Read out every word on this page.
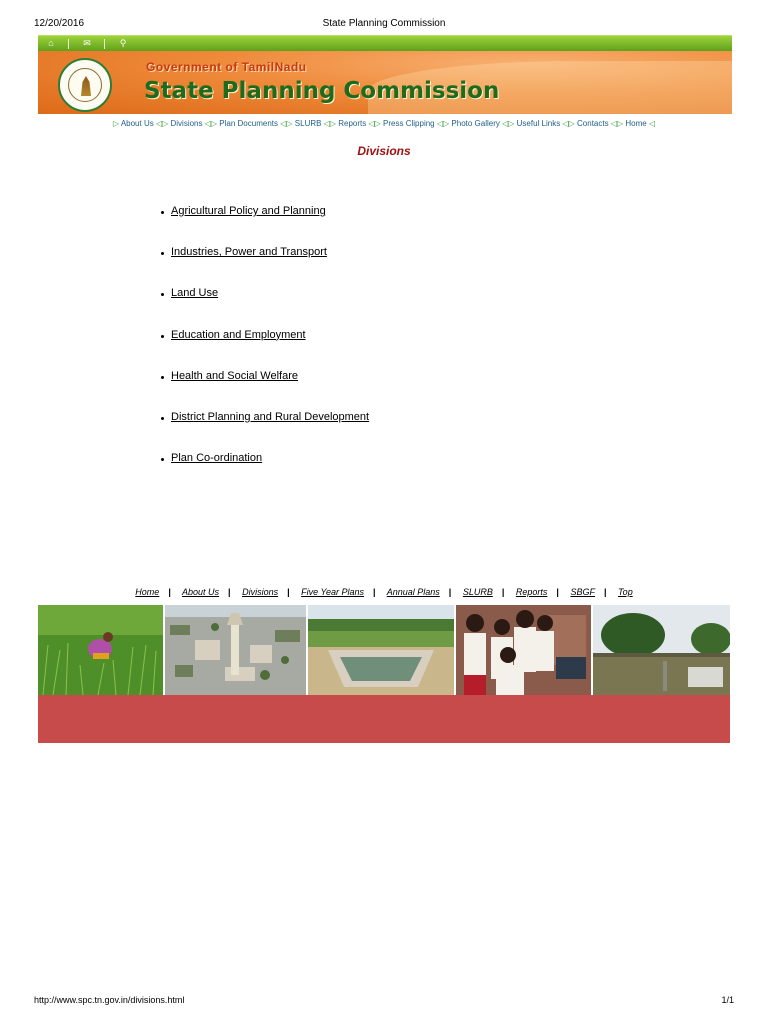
12/20/2016	State Planning Commission
⌂	✉	⚲
Government of TamilNadu
State Planning Commission
▷ About Us ◁▷ Divisions ◁▷ Plan Documents ◁▷ SLURB ◁▷ Reports ◁▷ Press Clipping ◁▷ Photo Gallery ◁▷ Useful Links ◁▷ Contacts ◁▷ Home ◁
Divisions
Agricultural Policy and Planning
Industries, Power and Transport
Land Use
Education and Employment
Health and Social Welfare
District Planning and Rural Development
Plan Co-ordination
Home | About Us | Divisions | Five Year Plans | Annual Plans | SLURB | Reports | SBGF | Top
http://www.spc.tn.gov.in/divisions.html	1/1
